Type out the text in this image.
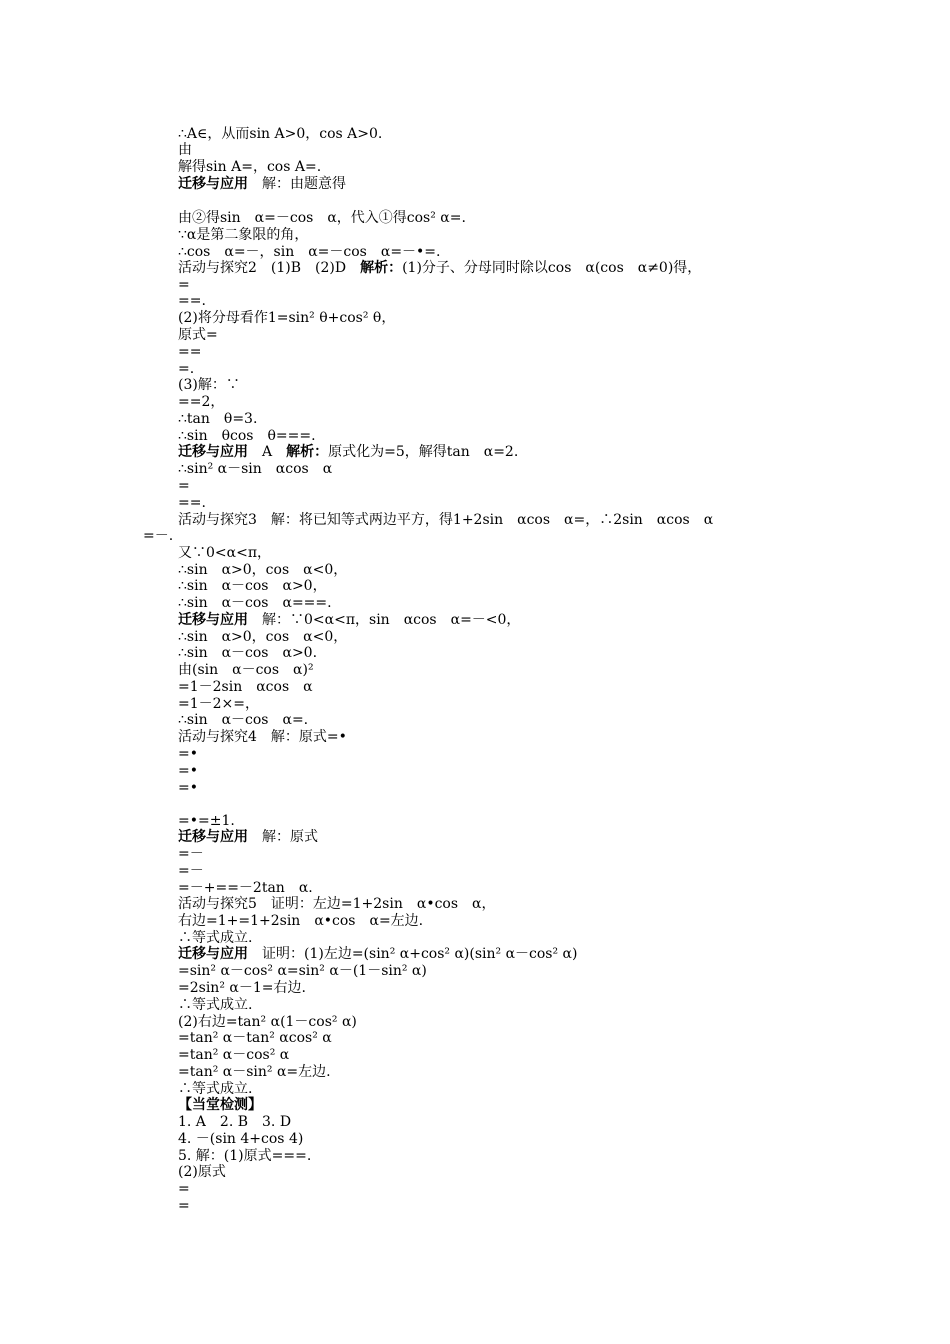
∴A∈，从而sin A>0，cos A>0.
由
解得sin A=，cos A=.
迁移与应用　解：由题意得
由②得sin　α=－cos　α，代入①得cos² α=.
∵α是第二象限的角，
∴cos　α=－，sin　α=－cos　α=－•=.
活动与探究2　(1)B　(2)D　解析：(1)分子、分母同时除以cos　α(cos　α≠0)得，
=
==.
(2)将分母看作1=sin² θ+cos² θ，
原式=
==
=.
(3)解：∵
==2，
∴tan　θ=3.
∴sin　θcos　θ===.
迁移与应用　A　解析：原式化为=5，解得tan　α=2.
∴sin² α－sin　αcos　α
=
==.
活动与探究3　解：将已知等式两边平方，得1+2sin　αcos　α=，∴2sin　αcos　α
=－.
又∵0<α<π，
∴sin　α>0，cos　α<0，
∴sin　α－cos　α>0，
∴sin　α－cos　α===.
迁移与应用　解：∵0<α<π，sin　αcos　α=－<0，
∴sin　α>0，cos　α<0，
∴sin　α－cos　α>0.
由(sin　α－cos　α)²
=1－2sin　αcos　α
=1－2×=，
∴sin　α－cos　α=.
活动与探究4　解：原式=•
=•
=•
=•
=•=±1.
迁移与应用　解：原式
=－
=－
=－+==－2tan　α.
活动与探究5　证明：左边=1+2sin　α•cos　α，
右边=1+=1+2sin　α•cos　α=左边.
∴等式成立.
迁移与应用　证明：(1)左边=(sin² α+cos² α)(sin² α－cos² α)
=sin² α－cos² α=sin² α－(1－sin² α)
=2sin² α－1=右边.
∴等式成立.
(2)右边=tan² α(1－cos² α)
=tan² α－tan² αcos² α
=tan² α－cos² α
=tan² α－sin² α=左边.
∴等式成立.
【当堂检测】
1. A　2. B　3. D
4. －(sin 4+cos 4)
5. 解：(1)原式===.
(2)原式
=
=
